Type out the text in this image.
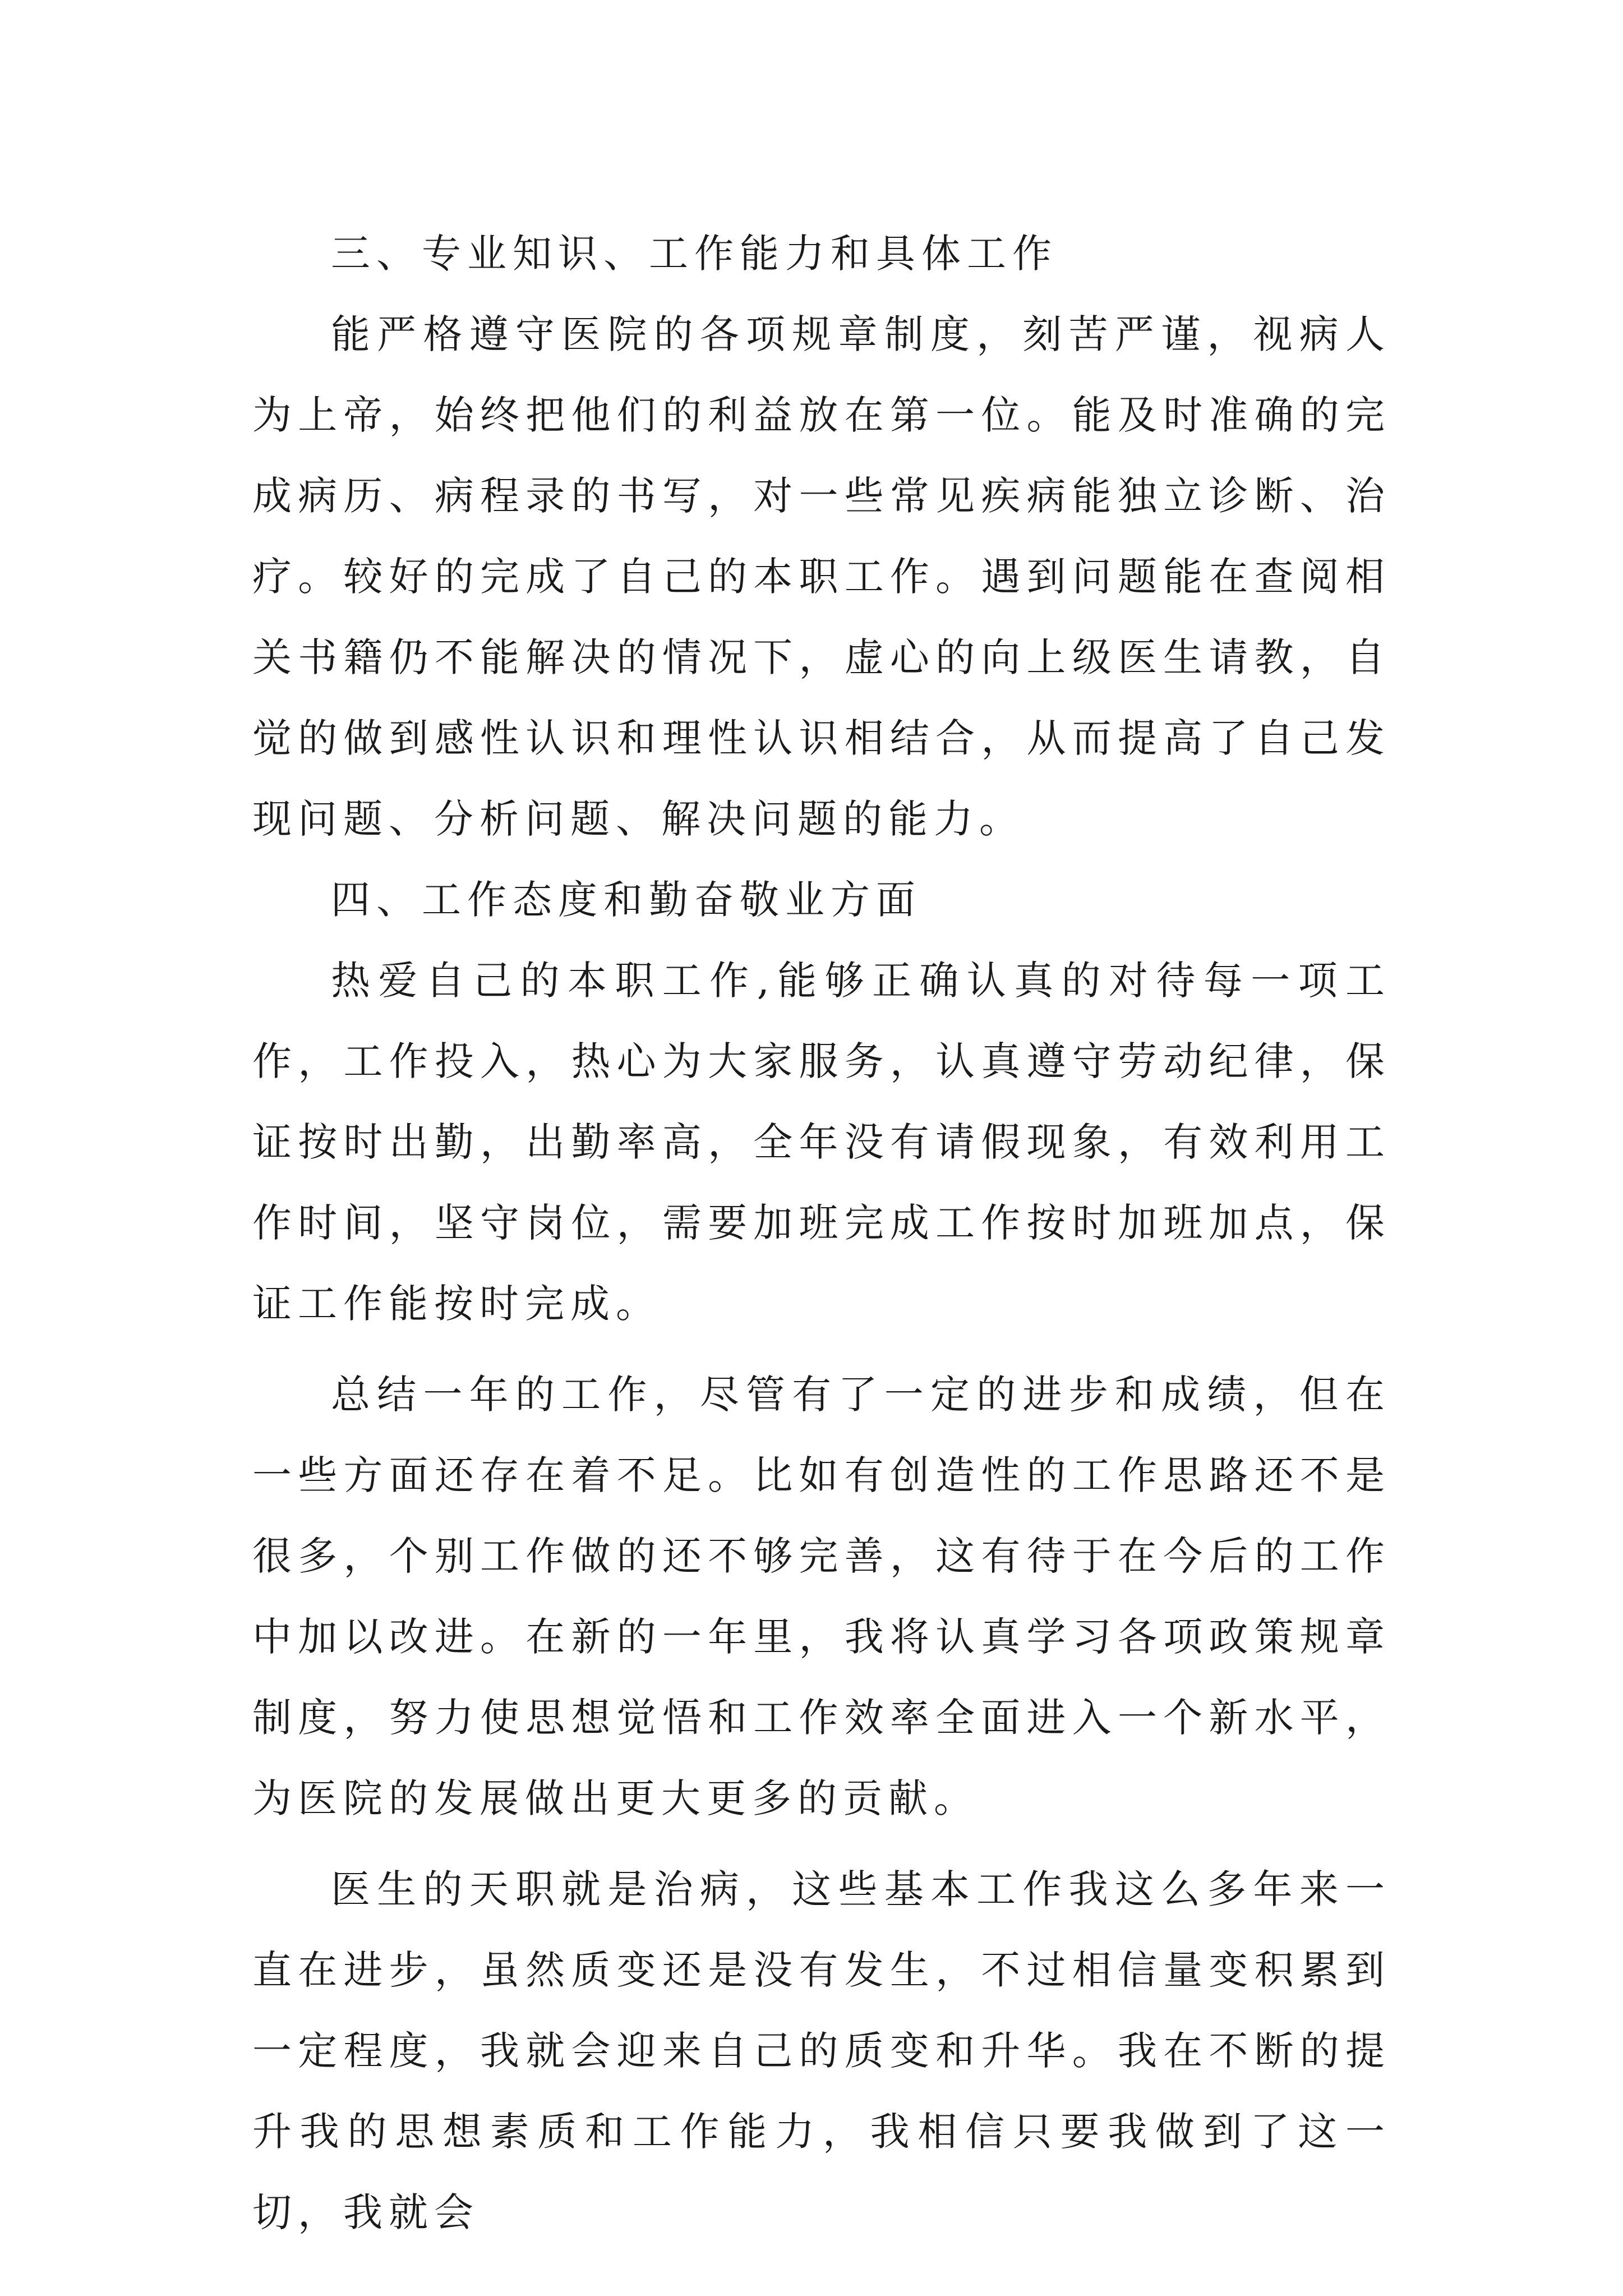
三、专业知识、工作能力和具体工作

能严格遵守医院的各项规章制度，刻苦严谨，视病人为上帝，始终把他们的利益放在第一位。能及时准确的完成病历、病程录的书写，对一些常见疾病能独立诊断、治疗。较好的完成了自己的本职工作。遇到问题能在查阅相关书籍仍不能解决的情况下，虚心的向上级医生请教，自觉的做到感性认识和理性认识相结合，从而提高了自己发现问题、分析问题、解决问题的能力。

四、工作态度和勤奋敬业方面

热爱自己的本职工作,能够正确认真的对待每一项工作，工作投入，热心为大家服务，认真遵守劳动纪律，保证按时出勤，出勤率高，全年没有请假现象，有效利用工作时间，坚守岗位，需要加班完成工作按时加班加点，保证工作能按时完成。

总结一年的工作，尽管有了一定的进步和成绩，但在一些方面还存在着不足。比如有创造性的工作思路还不是很多，个别工作做的还不够完善，这有待于在今后的工作中加以改进。在新的一年里，我将认真学习各项政策规章制度，努力使思想觉悟和工作效率全面进入一个新水平，为医院的发展做出更大更多的贡献。

医生的天职就是治病，这些基本工作我这么多年来一直在进步，虽然质变还是没有发生，不过相信量变积累到一定程度，我就会迎来自己的质变和升华。我在不断的提升我的思想素质和工作能力，我相信只要我做到了这一切，我就会
